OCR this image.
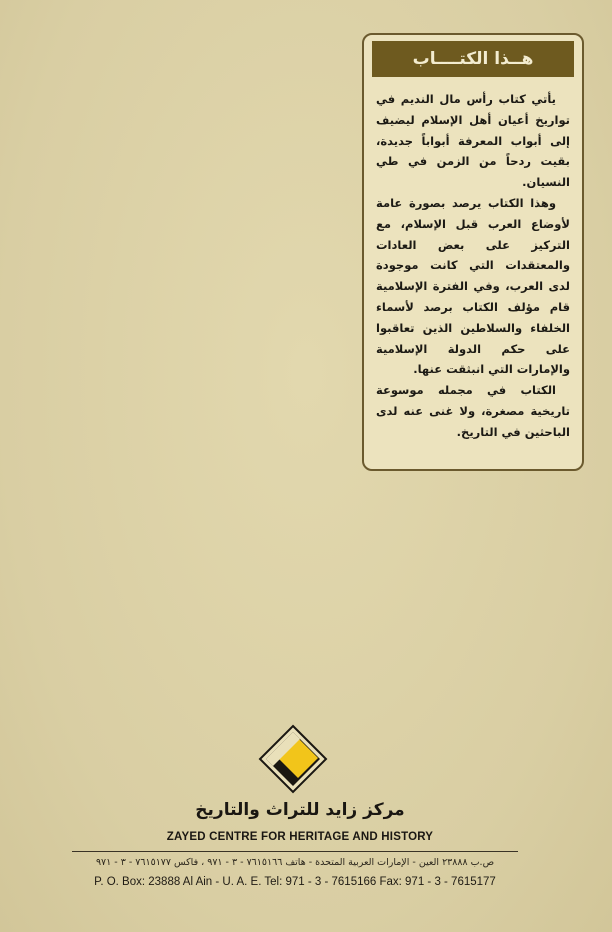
هــذا الكتــــاب

يأتي كتاب رأس مال النديم في تواريخ أعيان أهل الإسلام ليضيف إلى أبواب المعرفة أبواباً جديدة، بقيت ردحاً من الزمن في طي النسيان.

وهذا الكتاب يرصد بصورة عامة لأوضاع العرب قبل الإسلام، مع التركيز على بعض العادات والمعتقدات التي كانت موجودة لدى العرب، وفي الفترة الإسلامية قام مؤلف الكتاب برصد لأسماء الخلفاء والسلاطين الذين تعاقبوا على حكم الدولة الإسلامية والإمارات التي انبثقت عنها.

الكتاب في مجمله موسوعة تاريخية مصغرة، ولا غنى عنه لدى الباحثين في التاريخ.

مركز زايد للتراث والتاريخ
ZAYED CENTRE FOR HERITAGE AND HISTORY
ص.ب ٢٣٨٨٨ العين - الإمارات العربية المتحدة - هاتف ٧٦١٥١٦٦ - ٣ - ٩٧١ ، فاكس ٧٦١٥١٧٧ - ٣ - ٩٧١
P. O. Box: 23888 Al Ain - U. A. E. Tel: 971 - 3 - 7615166 Fax: 971 - 3 - 7615177
